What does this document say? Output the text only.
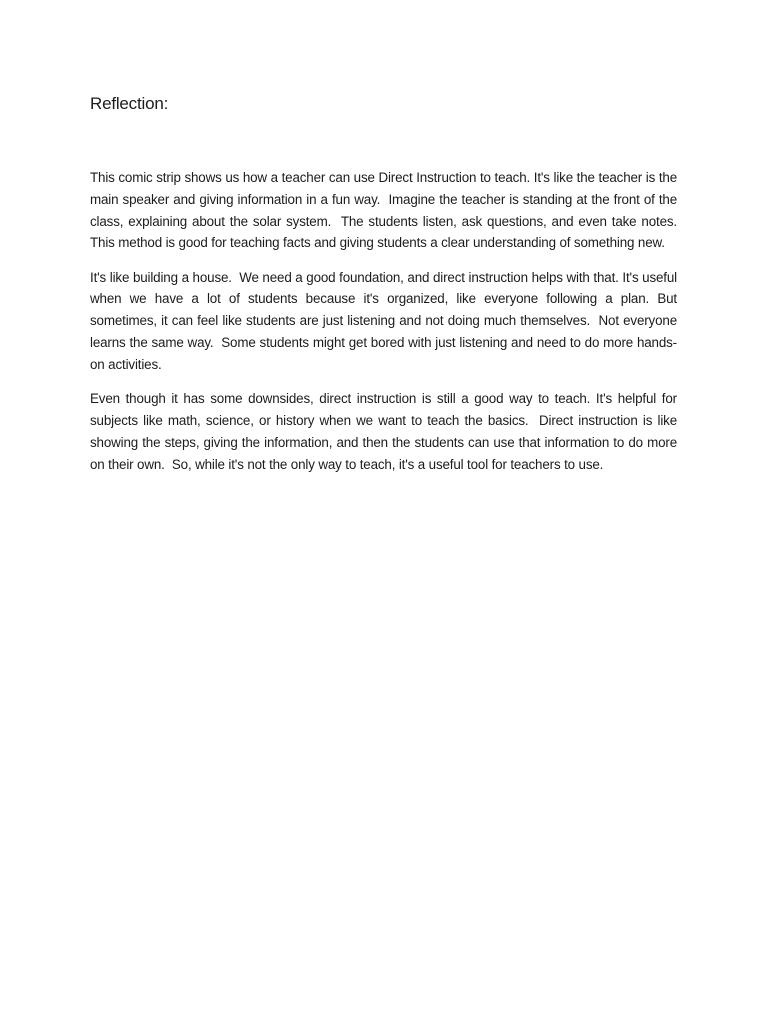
Reflection:

This comic strip shows us how a teacher can use Direct Instruction to teach. It's like the teacher is the main speaker and giving information in a fun way.  Imagine the teacher is standing at the front of the class, explaining about the solar system.  The students listen, ask questions, and even take notes. This method is good for teaching facts and giving students a clear understanding of something new.

It's like building a house.  We need a good foundation, and direct instruction helps with that. It's useful when we have a lot of students because it's organized, like everyone following a plan. But sometimes, it can feel like students are just listening and not doing much themselves.  Not everyone learns the same way.  Some students might get bored with just listening and need to do more hands-on activities.

Even though it has some downsides, direct instruction is still a good way to teach. It's helpful for subjects like math, science, or history when we want to teach the basics.  Direct instruction is like showing the steps, giving the information, and then the students can use that information to do more on their own.  So, while it's not the only way to teach, it's a useful tool for teachers to use.
